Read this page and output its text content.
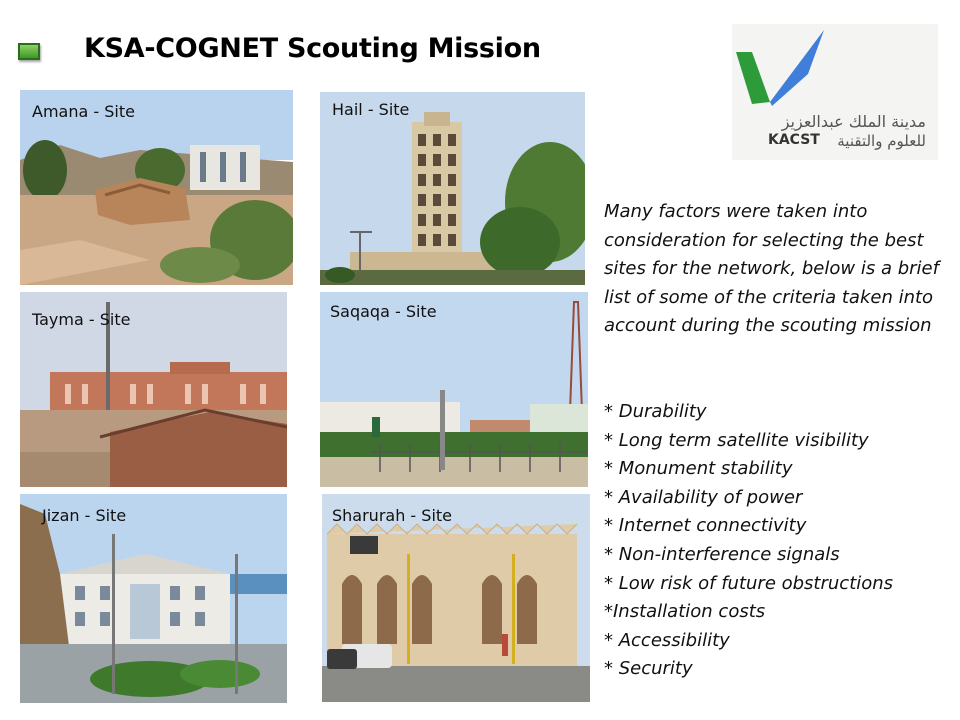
KSA-COGNET Scouting Mission
Amana - Site	Hail - Site
Tayma - Site	Saqaqa - Site
Jizan - Site	Sharurah - Site
مدينة الملك عبدالعزيز
للعلوم والتقنية
KACST

Many factors were taken into consideration for selecting the best sites for the network, below is a brief list of some of the criteria taken into account during the scouting mission

* Durability
* Long term satellite visibility
* Monument stability
* Availability of power
* Internet connectivity
* Non-interference signals
* Low risk of future obstructions
*Installation costs
* Accessibility
* Security
